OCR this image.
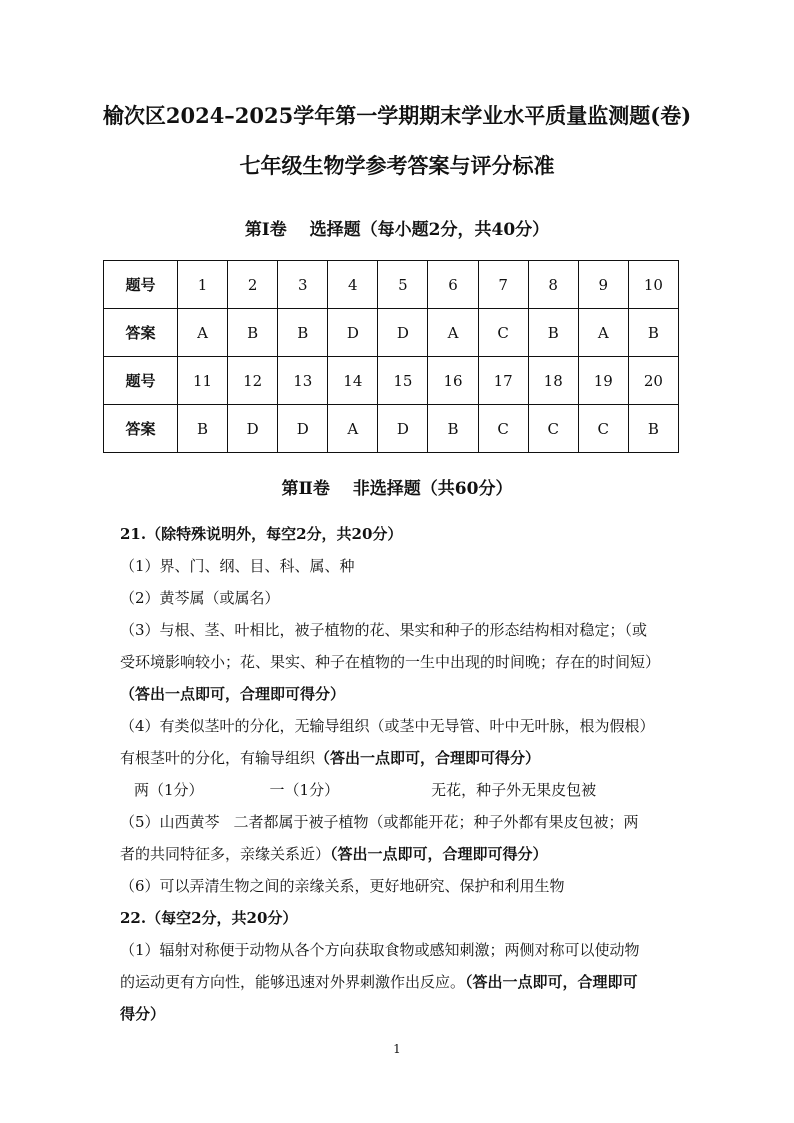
榆次区2024–2025学年第一学期期末学业水平质量监测题(卷)
七年级生物学参考答案与评分标准
第Ⅰ卷　 选择题（每小题2分，共40分）
题号	1	2	3	4	5	6	7	8	9	10
答案	A	B	B	D	D	A	C	B	A	B
题号	11	12	13	14	15	16	17	18	19	20
答案	B	D	D	A	D	B	C	C	C	B
第Ⅱ卷　 非选择题（共60分）
21.（除特殊说明外，每空2分，共20分）
（1）界、门、纲、目、科、属、种
（2）黄芩属（或属名）
（3）与根、茎、叶相比，被子植物的花、果实和种子的形态结构相对稳定；（或
受环境影响较小；花、果实、种子在植物的一生中出现的时间晚；存在的时间短）
（答出一点即可，合理即可得分）
（4）有类似茎叶的分化，无输导组织（或茎中无导管、叶中无叶脉，根为假根）
有根茎叶的分化，有输导组织（答出一点即可，合理即可得分）
两（1分）	一（1分）	无花，种子外无果皮包被
（5）山西黄芩 二者都属于被子植物（或都能开花；种子外都有果皮包被；两
者的共同特征多，亲缘关系近）（答出一点即可，合理即可得分）
（6）可以弄清生物之间的亲缘关系，更好地研究、保护和利用生物
22.（每空2分，共20分）
（1）辐射对称便于动物从各个方向获取食物或感知刺激；两侧对称可以使动物
的运动更有方向性，能够迅速对外界刺激作出反应。（答出一点即可，合理即可
得分）
1
